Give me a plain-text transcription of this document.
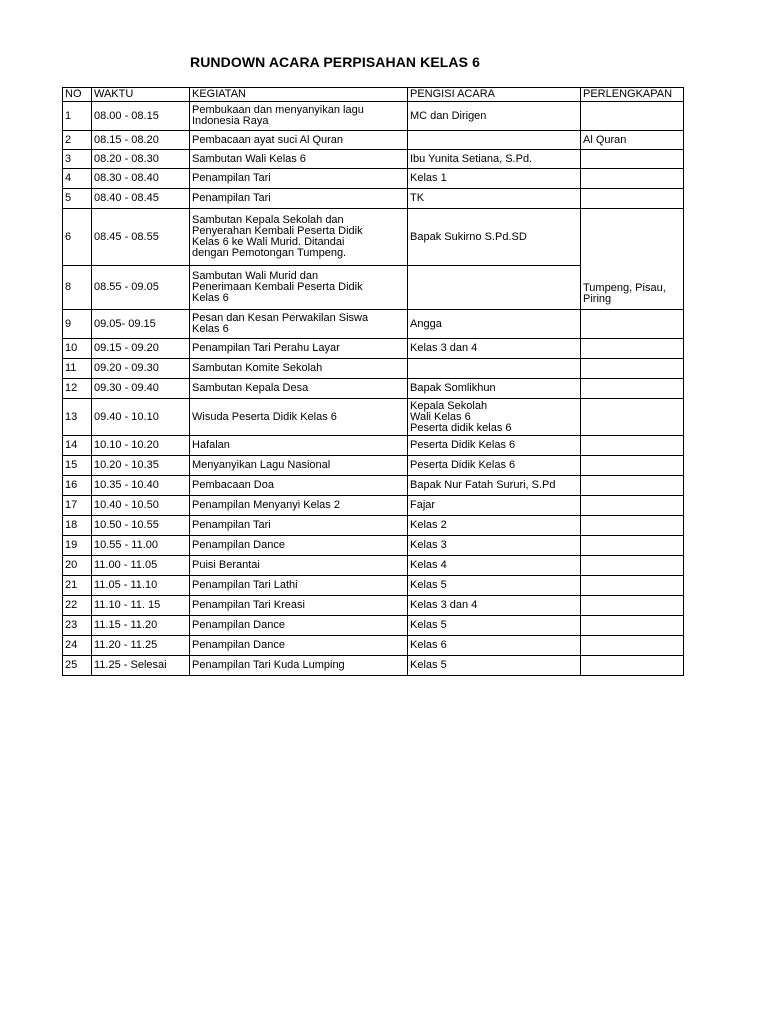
RUNDOWN ACARA PERPISAHAN KELAS 6
NO	WAKTU	KEGIATAN	PENGISI ACARA	PERLENGKAPAN
1	08.00 - 08.15	Pembukaan dan menyanyikan lagu
Indonesia Raya	MC dan Dirigen	
2	08.15 - 08.20	Pembacaan ayat suci Al Quran		Al Quran
3	08.20 - 08.30	Sambutan Wali Kelas 6	Ibu Yunita Setiana, S.Pd.	
4	08.30 - 08.40	Penampilan Tari	Kelas 1	
5	08.40 - 08.45	Penampilan Tari	TK	
6	08.45 - 08.55	Sambutan Kepala Sekolah dan
Penyerahan Kembali Peserta Didik
Kelas 6 ke Wali Murid. Ditandai
dengan Pemotongan Tumpeng.	Bapak Sukirno S.Pd.SD	Tumpeng, Pisau,
Piring
8	08.55 - 09.05	Sambutan Wali Murid dan
Penerimaan Kembali Peserta Didik
Kelas 6		
9	09.05- 09.15	Pesan dan Kesan Perwakilan Siswa
Kelas 6	Angga	
10	09.15 - 09.20	Penampilan Tari Perahu Layar	Kelas 3 dan 4	
11	09.20 - 09.30	Sambutan Komite Sekolah		
12	09.30 - 09.40	Sambutan Kepala Desa	Bapak Somlikhun	
13	09.40 - 10.10	Wisuda Peserta Didik Kelas 6	Kepala Sekolah
Wali Kelas 6
Peserta didik kelas 6	
14	10.10 - 10.20	Hafalan	Peserta Didik Kelas 6	
15	10.20 - 10.35	Menyanyikan Lagu Nasional	Peserta Didik Kelas 6	
16	10.35 - 10.40	Pembacaan Doa	Bapak Nur Fatah Sururi, S.Pd	
17	10.40 - 10.50	Penampilan Menyanyi Kelas 2	Fajar	
18	10.50 - 10.55	Penampilan Tari	Kelas 2	
19	10.55 - 11.00	Penampilan Dance	Kelas 3	
20	11.00 - 11.05	Puisi Berantai	Kelas 4	
21	11.05 - 11.10	Penampilan Tari Lathi	Kelas 5	
22	11.10 - 11. 15	Penampilan Tari Kreasi	Kelas 3 dan 4	
23	11.15 - 11.20	Penampilan Dance	Kelas 5	
24	11.20 - 11.25	Penampilan Dance	Kelas 6	
25	11.25 - Selesai	Penampilan Tari Kuda Lumping	Kelas 5	
